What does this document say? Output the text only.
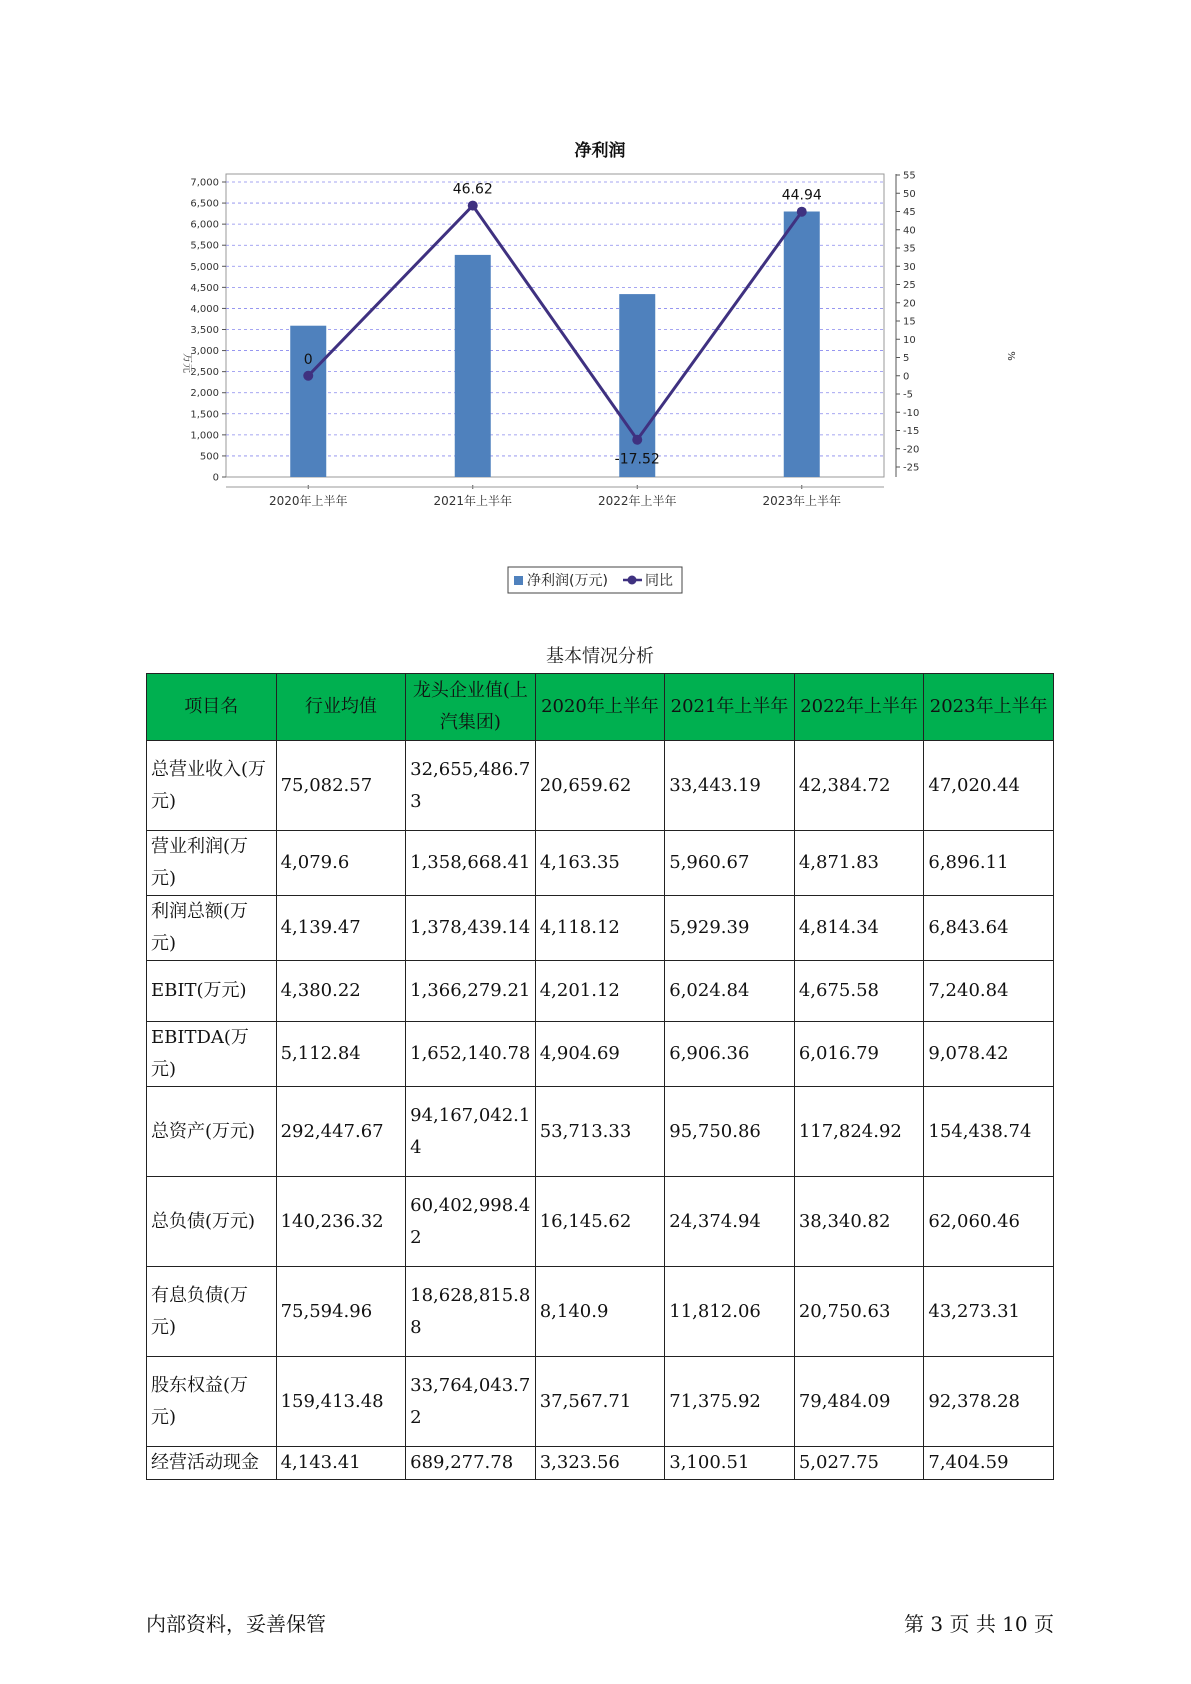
净利润
0
46.62
-17.52
44.94
0
500
1,000
1,500
2,000
2,500
3,000
3,500
4,000
4,500
5,000
5,500
6,000
6,500
7,000
-25
-20
-15
-10
-5
0
5
10
15
20
25
30
35
40
45
50
55
2020年上半年	2021年上半年	2022年上半年	2023年上半年
万元	%
净利润(万元)	同比
基本情况分析
项目名	行业均值	龙头企业值(上汽集团)	2020年上半年	2021年上半年	2022年上半年	2023年上半年
总营业收入(万元)	75,082.57	32,655,486.73	20,659.62	33,443.19	42,384.72	47,020.44
营业利润(万元)	4,079.6	1,358,668.41	4,163.35	5,960.67	4,871.83	6,896.11
利润总额(万元)	4,139.47	1,378,439.14	4,118.12	5,929.39	4,814.34	6,843.64
EBIT(万元)	4,380.22	1,366,279.21	4,201.12	6,024.84	4,675.58	7,240.84
EBITDA(万元)	5,112.84	1,652,140.78	4,904.69	6,906.36	6,016.79	9,078.42
总资产(万元)	292,447.67	94,167,042.14	53,713.33	95,750.86	117,824.92	154,438.74
总负债(万元)	140,236.32	60,402,998.42	16,145.62	24,374.94	38,340.82	62,060.46
有息负债(万元)	75,594.96	18,628,815.88	8,140.9	11,812.06	20,750.63	43,273.31
股东权益(万元)	159,413.48	33,764,043.72	37,567.71	71,375.92	79,484.09	92,378.28
经营活动现金	4,143.41	689,277.78	3,323.56	3,100.51	5,027.75	7,404.59
内部资料，妥善保管	第 3 页 共 10 页
